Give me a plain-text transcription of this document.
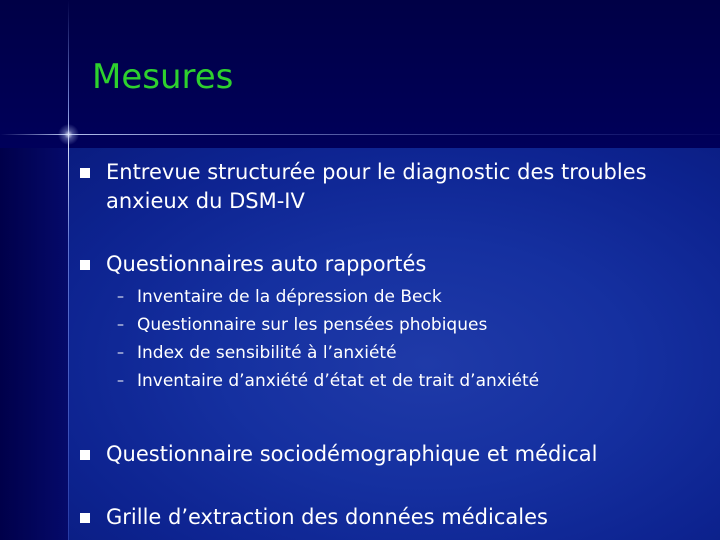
Mesures
Entrevue structurée pour le diagnostic des troubles anxieux du DSM-IV
Questionnaires auto rapportés
– Inventaire de la dépression de Beck
– Questionnaire sur les pensées phobiques
– Index de sensibilité à l’anxiété
– Inventaire d’anxiété d’état et de trait d’anxiété
Questionnaire sociodémographique et médical
Grille d’extraction des données médicales
